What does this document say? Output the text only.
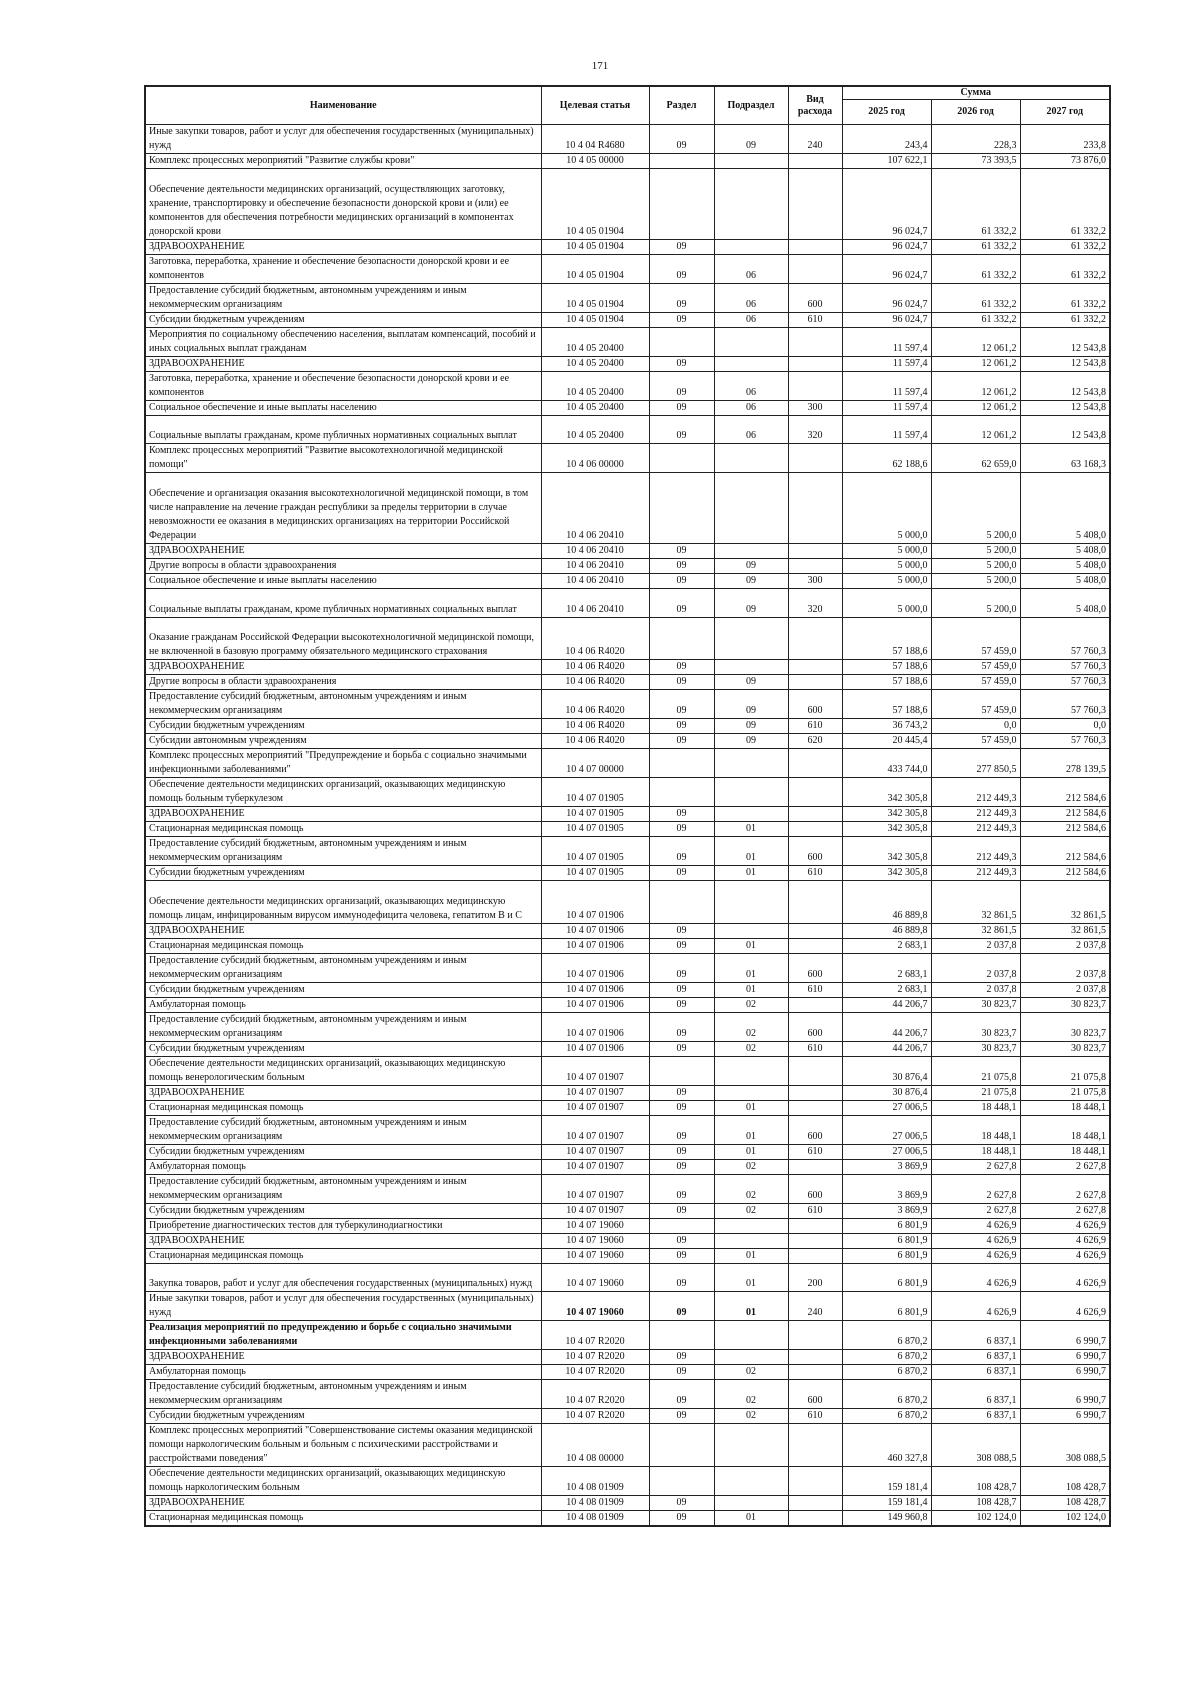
171
Наименование	Целевая статья	Раздел	Подраздел	Вид расхода	Сумма		
					2025 год	2026 год	2027 год
Иные закупки товаров, работ и услуг для обеспечения государственных (муниципальных) нужд	10 4 04 R4680	09	09	240	243,4	228,3	233,8
Комплекс процессных мероприятий "Развитие службы крови"	10 4 05 00000				107 622,1	73 393,5	73 876,0
Обеспечение деятельности медицинских организаций, осуществляющих заготовку, хранение, транспортировку и обеспечение безопасности донорской крови и (или) ее компонентов для обеспечения потребности медицинских организаций в компонентах донорской крови	10 4 05 01904				96 024,7	61 332,2	61 332,2
ЗДРАВООХРАНЕНИЕ	10 4 05 01904	09			96 024,7	61 332,2	61 332,2
Заготовка, переработка, хранение и обеспечение безопасности донорской крови и ее компонентов	10 4 05 01904	09	06		96 024,7	61 332,2	61 332,2
Предоставление субсидий бюджетным, автономным учреждениям и иным некоммерческим организациям	10 4 05 01904	09	06	600	96 024,7	61 332,2	61 332,2
Субсидии бюджетным учреждениям	10 4 05 01904	09	06	610	96 024,7	61 332,2	61 332,2
Мероприятия по социальному обеспечению населения, выплатам компенсаций, пособий и иных социальных выплат гражданам	10 4 05 20400				11 597,4	12 061,2	12 543,8
ЗДРАВООХРАНЕНИЕ	10 4 05 20400	09			11 597,4	12 061,2	12 543,8
Заготовка, переработка, хранение и обеспечение безопасности донорской крови и ее компонентов	10 4 05 20400	09	06		11 597,4	12 061,2	12 543,8
Социальное обеспечение и иные выплаты населению	10 4 05 20400	09	06	300	11 597,4	12 061,2	12 543,8
Социальные выплаты гражданам, кроме публичных нормативных социальных выплат	10 4 05 20400	09	06	320	11 597,4	12 061,2	12 543,8
Комплекс процессных мероприятий "Развитие высокотехнологичной медицинской помощи"	10 4 06 00000				62 188,6	62 659,0	63 168,3
Обеспечение и организация оказания высокотехнологичной медицинской помощи, в том числе направление на лечение граждан республики за пределы территории в случае невозможности ее оказания в медицинских организациях на территории Российской Федерации	10 4 06 20410				5 000,0	5 200,0	5 408,0
ЗДРАВООХРАНЕНИЕ	10 4 06 20410	09			5 000,0	5 200,0	5 408,0
Другие вопросы в области здравоохранения	10 4 06 20410	09	09		5 000,0	5 200,0	5 408,0
Социальное обеспечение и иные выплаты населению	10 4 06 20410	09	09	300	5 000,0	5 200,0	5 408,0
Социальные выплаты гражданам, кроме публичных нормативных социальных выплат	10 4 06 20410	09	09	320	5 000,0	5 200,0	5 408,0
Оказание гражданам Российской Федерации высокотехнологичной медицинской помощи, не включенной в базовую программу обязательного медицинского страхования	10 4 06 R4020				57 188,6	57 459,0	57 760,3
ЗДРАВООХРАНЕНИЕ	10 4 06 R4020	09			57 188,6	57 459,0	57 760,3
Другие вопросы в области здравоохранения	10 4 06 R4020	09	09		57 188,6	57 459,0	57 760,3
Предоставление субсидий бюджетным, автономным учреждениям и иным некоммерческим организациям	10 4 06 R4020	09	09	600	57 188,6	57 459,0	57 760,3
Субсидии бюджетным учреждениям	10 4 06 R4020	09	09	610	36 743,2	0,0	0,0
Субсидии автономным учреждениям	10 4 06 R4020	09	09	620	20 445,4	57 459,0	57 760,3
Комплекс процессных мероприятий "Предупреждение и борьба с социально значимыми инфекционными заболеваниями"	10 4 07 00000				433 744,0	277 850,5	278 139,5
Обеспечение деятельности медицинских организаций, оказывающих медицинскую помощь больным туберкулезом	10 4 07 01905				342 305,8	212 449,3	212 584,6
ЗДРАВООХРАНЕНИЕ	10 4 07 01905	09			342 305,8	212 449,3	212 584,6
Стационарная медицинская помощь	10 4 07 01905	09	01		342 305,8	212 449,3	212 584,6
Предоставление субсидий бюджетным, автономным учреждениям и иным некоммерческим организациям	10 4 07 01905	09	01	600	342 305,8	212 449,3	212 584,6
Субсидии бюджетным учреждениям	10 4 07 01905	09	01	610	342 305,8	212 449,3	212 584,6
Обеспечение деятельности медицинских организаций, оказывающих медицинскую помощь лицам, инфицированным вирусом иммунодефицита человека, гепатитом В и С	10 4 07 01906				46 889,8	32 861,5	32 861,5
ЗДРАВООХРАНЕНИЕ	10 4 07 01906	09			46 889,8	32 861,5	32 861,5
Стационарная медицинская помощь	10 4 07 01906	09	01		2 683,1	2 037,8	2 037,8
Предоставление субсидий бюджетным, автономным учреждениям и иным некоммерческим организациям	10 4 07 01906	09	01	600	2 683,1	2 037,8	2 037,8
Субсидии бюджетным учреждениям	10 4 07 01906	09	01	610	2 683,1	2 037,8	2 037,8
Амбулаторная помощь	10 4 07 01906	09	02		44 206,7	30 823,7	30 823,7
Предоставление субсидий бюджетным, автономным учреждениям и иным некоммерческим организациям	10 4 07 01906	09	02	600	44 206,7	30 823,7	30 823,7
Субсидии бюджетным учреждениям	10 4 07 01906	09	02	610	44 206,7	30 823,7	30 823,7
Обеспечение деятельности медицинских организаций, оказывающих медицинскую помощь венерологическим больным	10 4 07 01907				30 876,4	21 075,8	21 075,8
ЗДРАВООХРАНЕНИЕ	10 4 07 01907	09			30 876,4	21 075,8	21 075,8
Стационарная медицинская помощь	10 4 07 01907	09	01		27 006,5	18 448,1	18 448,1
Предоставление субсидий бюджетным, автономным учреждениям и иным некоммерческим организациям	10 4 07 01907	09	01	600	27 006,5	18 448,1	18 448,1
Субсидии бюджетным учреждениям	10 4 07 01907	09	01	610	27 006,5	18 448,1	18 448,1
Амбулаторная помощь	10 4 07 01907	09	02		3 869,9	2 627,8	2 627,8
Предоставление субсидий бюджетным, автономным учреждениям и иным некоммерческим организациям	10 4 07 01907	09	02	600	3 869,9	2 627,8	2 627,8
Субсидии бюджетным учреждениям	10 4 07 01907	09	02	610	3 869,9	2 627,8	2 627,8
Приобретение диагностических тестов для туберкулинодиагностики	10 4 07 19060				6 801,9	4 626,9	4 626,9
ЗДРАВООХРАНЕНИЕ	10 4 07 19060	09			6 801,9	4 626,9	4 626,9
Стационарная медицинская помощь	10 4 07 19060	09	01		6 801,9	4 626,9	4 626,9
Закупка товаров, работ и услуг для обеспечения государственных (муниципальных) нужд	10 4 07 19060	09	01	200	6 801,9	4 626,9	4 626,9
Иные закупки товаров, работ и услуг для обеспечения государственных (муниципальных) нужд	10 4 07 19060	09	01	240	6 801,9	4 626,9	4 626,9
Реализация мероприятий по предупреждению и борьбе с социально значимыми инфекционными заболеваниями	10 4 07 R2020				6 870,2	6 837,1	6 990,7
ЗДРАВООХРАНЕНИЕ	10 4 07 R2020	09			6 870,2	6 837,1	6 990,7
Амбулаторная помощь	10 4 07 R2020	09	02		6 870,2	6 837,1	6 990,7
Предоставление субсидий бюджетным, автономным учреждениям и иным некоммерческим организациям	10 4 07 R2020	09	02	600	6 870,2	6 837,1	6 990,7
Субсидии бюджетным учреждениям	10 4 07 R2020	09	02	610	6 870,2	6 837,1	6 990,7
Комплекс процессных мероприятий "Совершенствование системы оказания медицинской помощи наркологическим больным и больным с психическими расстройствами и расстройствами поведения"	10 4 08 00000				460 327,8	308 088,5	308 088,5
Обеспечение деятельности медицинских организаций, оказывающих медицинскую помощь наркологическим больным	10 4 08 01909				159 181,4	108 428,7	108 428,7
ЗДРАВООХРАНЕНИЕ	10 4 08 01909	09			159 181,4	108 428,7	108 428,7
Стационарная медицинская помощь	10 4 08 01909	09	01		149 960,8	102 124,0	102 124,0
